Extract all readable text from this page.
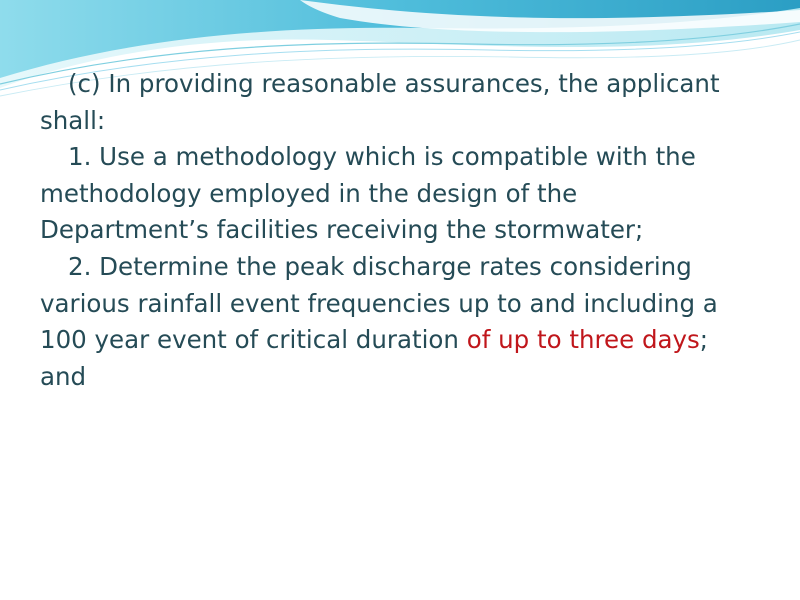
(c) In providing reasonable assurances, the applicant shall:

1. Use a methodology which is compatible with the methodology employed in the design of the Department’s facilities receiving the stormwater;

2. Determine the peak discharge rates considering various rainfall event frequencies up to and including a 100 year event of critical duration of up to three days; and
